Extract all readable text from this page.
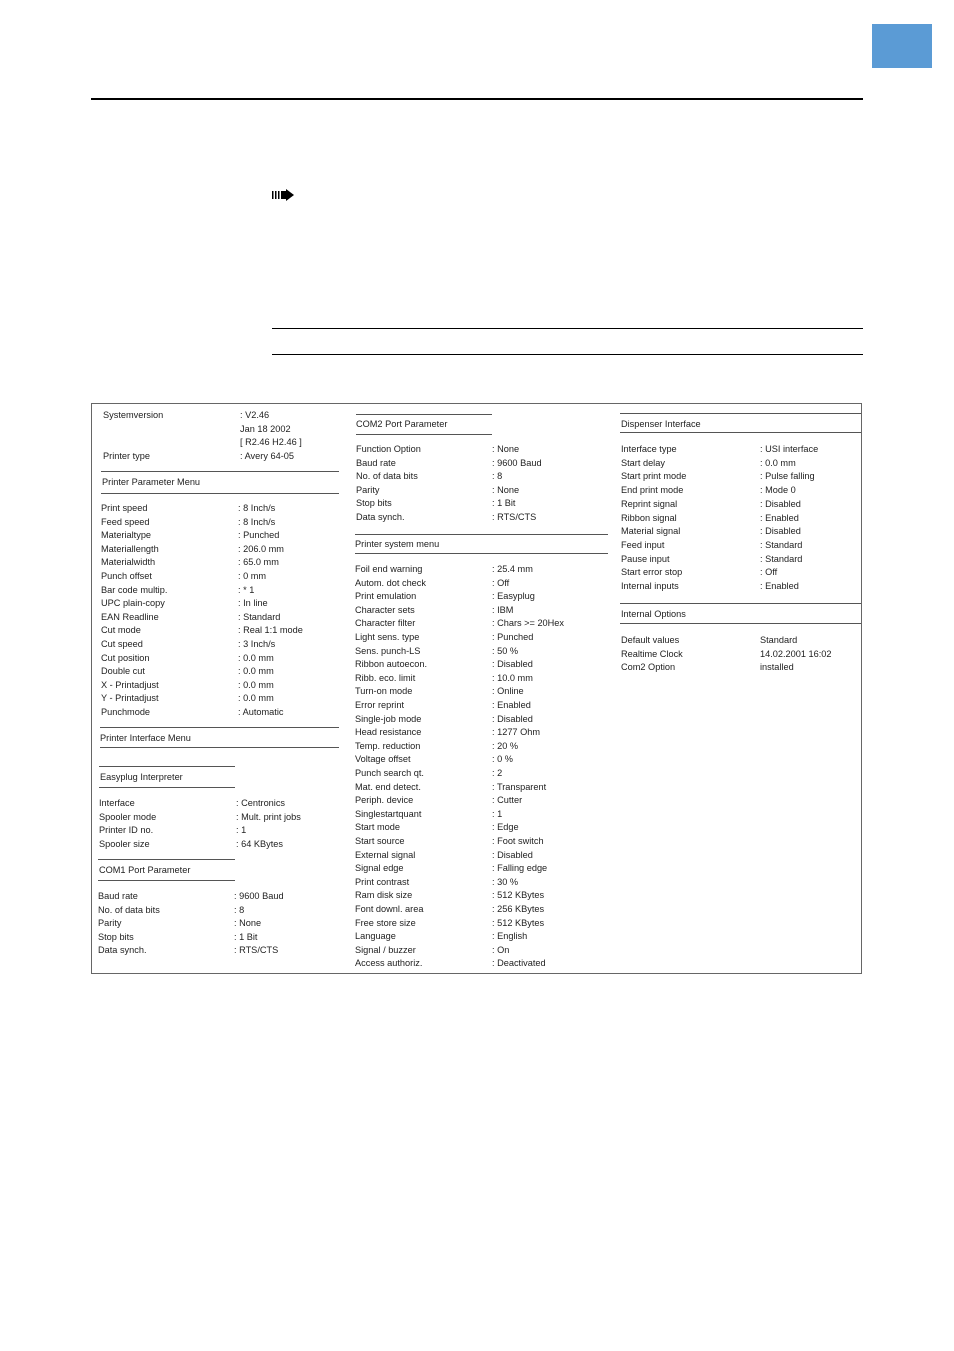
Systemversion	: V2.46
Jan 18 2002
[ R2.46 H2.46 ]
Printer type	: Avery 64-05
Printer Parameter Menu
Print speed	: 8 Inch/s
Feed speed	: 8 Inch/s
Materialtype	: Punched
Materiallength	: 206.0 mm
Materialwidth	: 65.0 mm
Punch offset	: 0 mm
Bar code multip.	: * 1
UPC plain-copy	: In line
EAN Readline	: Standard
Cut mode	: Real 1:1 mode
Cut speed	: 3 Inch/s
Cut position	: 0.0 mm
Double cut	: 0.0 mm
X - Printadjust	: 0.0 mm
Y - Printadjust	: 0.0 mm
Punchmode	: Automatic
Printer Interface Menu
Easyplug Interpreter
Interface	: Centronics
Spooler mode	: Mult. print jobs
Printer ID no.	: 1
Spooler size	: 64 KBytes
COM1 Port Parameter
Baud rate	: 9600 Baud
No. of data bits	: 8
Parity	: None
Stop bits	: 1 Bit
Data synch.	: RTS/CTS
COM2 Port Parameter
Function Option	: None
Baud rate	: 9600 Baud
No. of data bits	: 8
Parity	: None
Stop bits	: 1 Bit
Data synch.	: RTS/CTS
Printer system menu
Foil end warning	: 25.4 mm
Autom. dot check	: Off
Print emulation	: Easyplug
Character sets	: IBM
Character filter	: Chars >= 20Hex
Light sens. type	: Punched
Sens. punch-LS	: 50 %
Ribbon autoecon.	: Disabled
Ribb. eco. limit	: 10.0 mm
Turn-on mode	: Online
Error reprint	: Enabled
Single-job mode	: Disabled
Head resistance	: 1277 Ohm
Temp. reduction	: 20 %
Voltage offset	: 0 %
Punch search qt.	: 2
Mat. end detect.	: Transparent
Periph. device	: Cutter
Singlestartquant	: 1
Start mode	: Edge
Start source	: Foot switch
External signal	: Disabled
Signal edge	: Falling edge
Print contrast	: 30 %
Ram disk size	: 512 KBytes
Font downl. area	: 256 KBytes
Free store size	: 512 KBytes
Language	: English
Signal / buzzer	: On
Access authoriz.	: Deactivated
Dispenser Interface
Interface type	: USI interface
Start delay	: 0.0 mm
Start print mode	: Pulse falling
End print mode	: Mode 0
Reprint signal	: Disabled
Ribbon signal	: Enabled
Material signal	: Disabled
Feed input	: Standard
Pause input	: Standard
Start error stop	: Off
Internal inputs	: Enabled
Internal Options
Default values	Standard
Realtime Clock	14.02.2001 16:02
Com2 Option	installed
